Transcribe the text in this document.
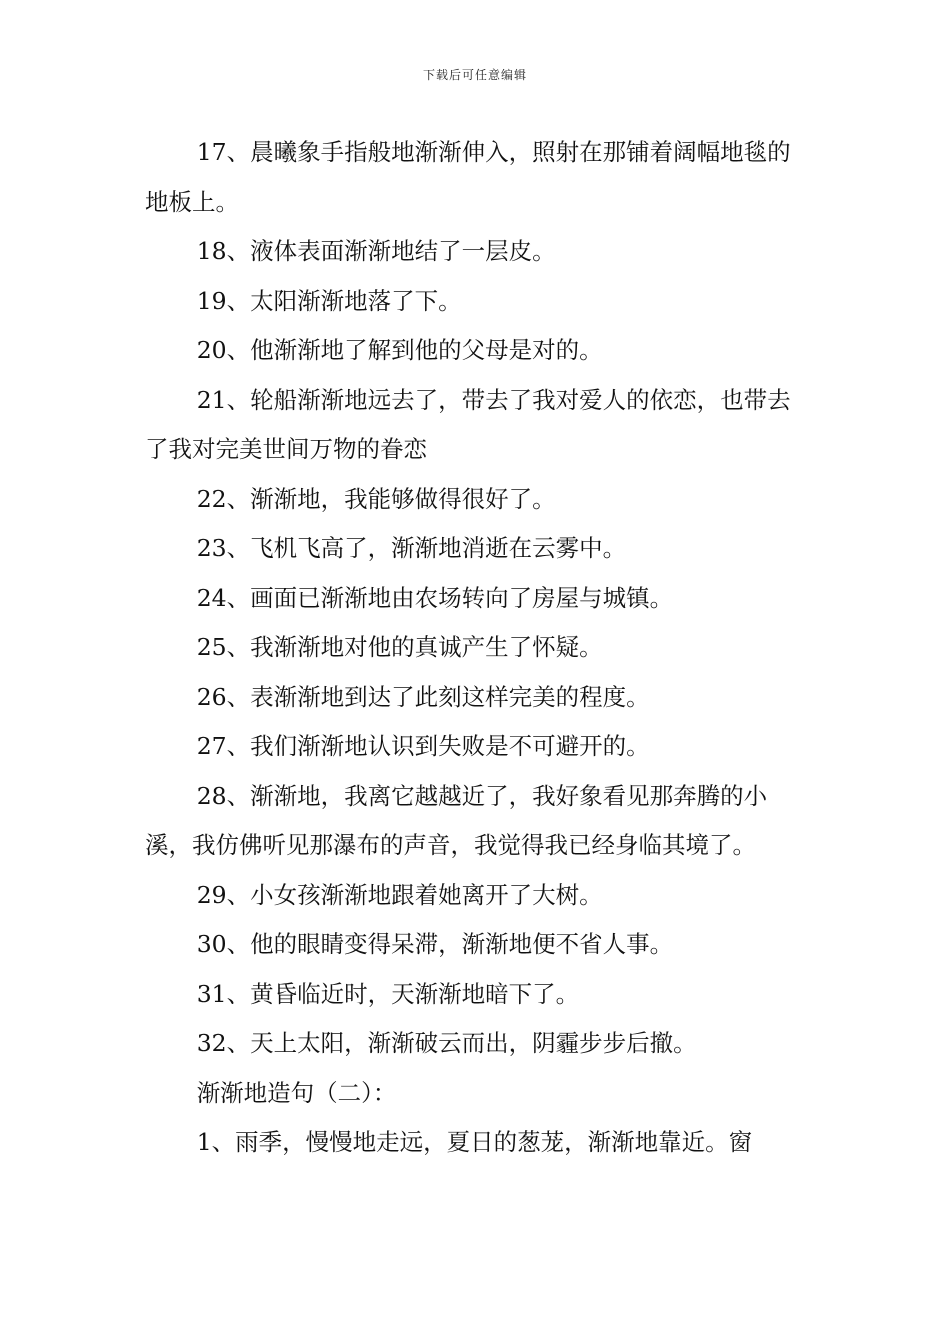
下载后可任意编辑

17、晨曦象手指般地渐渐伸入，照射在那铺着阔幅地毯的地板上。

18、液体表面渐渐地结了一层皮。

19、太阳渐渐地落了下。

20、他渐渐地了解到他的父母是对的。

21、轮船渐渐地远去了，带去了我对爱人的依恋，也带去了我对完美世间万物的眷恋

22、渐渐地，我能够做得很好了。

23、飞机飞高了，渐渐地消逝在云雾中。

24、画面已渐渐地由农场转向了房屋与城镇。

25、我渐渐地对他的真诚产生了怀疑。

26、表渐渐地到达了此刻这样完美的程度。

27、我们渐渐地认识到失败是不可避开的。

28、渐渐地，我离它越越近了，我好象看见那奔腾的小溪，我仿佛听见那瀑布的声音，我觉得我已经身临其境了。

29、小女孩渐渐地跟着她离开了大树。

30、他的眼睛变得呆滞，渐渐地便不省人事。

31、黄昏临近时，天渐渐地暗下了。

32、天上太阳，渐渐破云而出，阴霾步步后撤。

渐渐地造句（二）：

1、雨季，慢慢地走远，夏日的葱茏，渐渐地靠近。窗
